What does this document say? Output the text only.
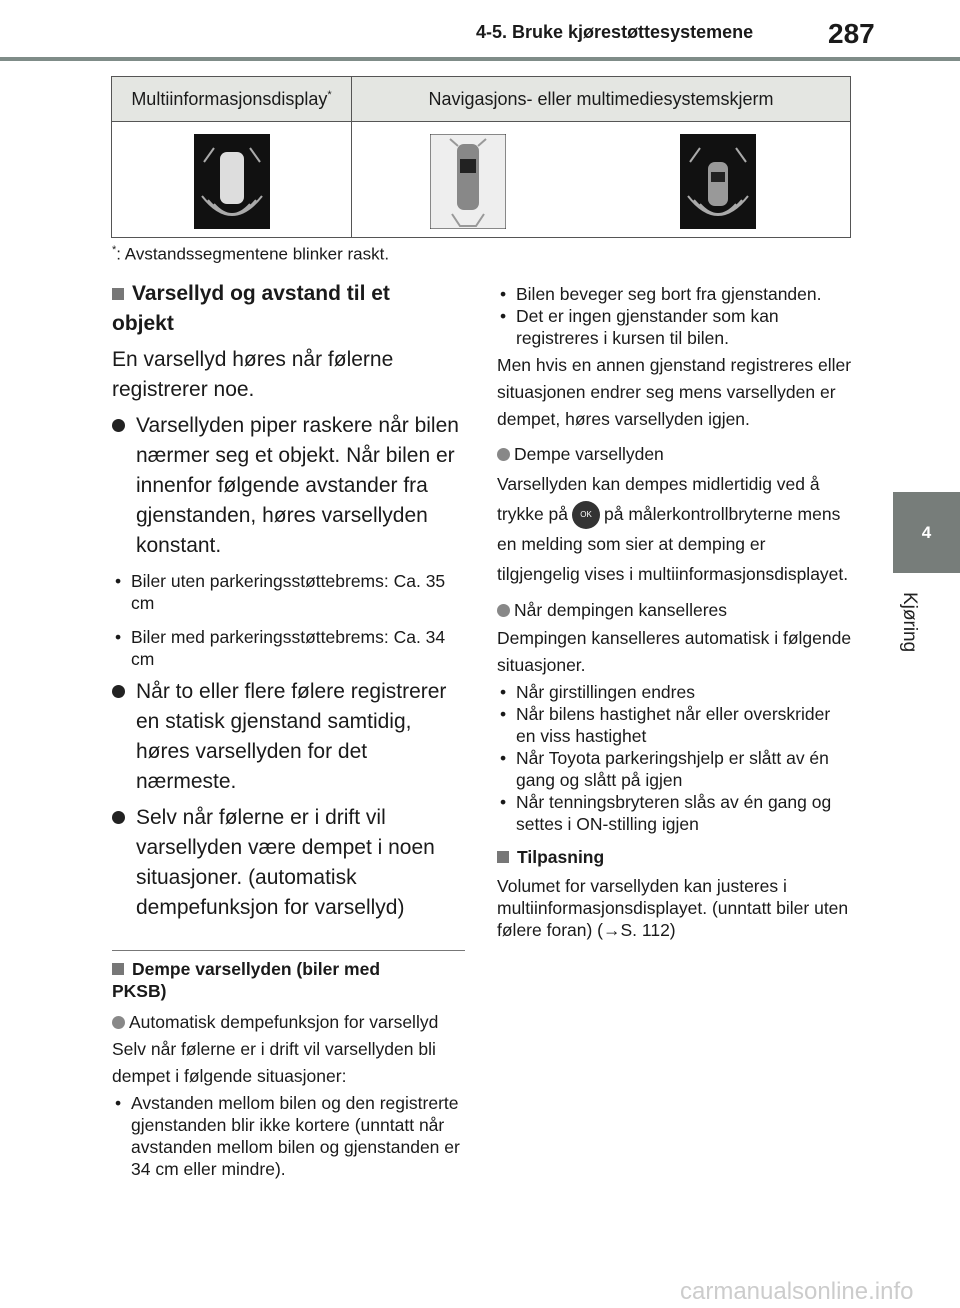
4-5. Bruke kjørestøttesystemene	287
Multiinformasjonsdisplay*	Navigasjons- eller multimediesystemskjerm

*: Avstandssegmentene blinker raskt.
Varsellyd og avstand til et objekt
En varsellyd høres når følerne registrerer noe.
Varsellyden piper raskere når bilen nærmer seg et objekt. Når bilen er innenfor følgende avstander fra gjenstanden, høres varsellyden konstant.
• Biler uten parkeringsstøttebrems: Ca. 35 cm
• Biler med parkeringsstøttebrems: Ca. 34 cm
Når to eller flere følere registrerer en statisk gjenstand samtidig, høres varsellyden for det nærmeste.
Selv når følerne er i drift vil varsellyden være dempet i noen situasjoner. (automatisk dempefunksjon for varsellyd)
Dempe varsellyden (biler med PKSB)
Automatisk dempefunksjon for varsellyd
Selv når følerne er i drift vil varsellyden bli dempet i følgende situasjoner:
• Avstanden mellom bilen og den registrerte gjenstanden blir ikke kortere (unntatt når avstanden mellom bilen og gjenstanden er 34 cm eller mindre).
• Bilen beveger seg bort fra gjenstanden.
• Det er ingen gjenstander som kan registreres i kursen til bilen.
Men hvis en annen gjenstand registreres eller situasjonen endrer seg mens varsellyden er dempet, høres varsellyden igjen.
Dempe varsellyden
Varsellyden kan dempes midlertidig ved å trykke på OK på målerkontrollbryterne mens en melding som sier at demping er tilgjengelig vises i multiinformasjonsdisplayet.
Når dempingen kanselleres
Dempingen kanselleres automatisk i følgende situasjoner.
• Når girstillingen endres
• Når bilens hastighet når eller overskrider en viss hastighet
• Når Toyota parkeringshjelp er slått av én gang og slått på igjen
• Når tenningsbryteren slås av én gang og settes i ON-stilling igjen
Tilpasning
Volumet for varsellyden kan justeres i multiinformasjonsdisplayet. (unntatt biler uten følere foran) (→S. 112)
4
Kjøring
carmanualsonline.info
